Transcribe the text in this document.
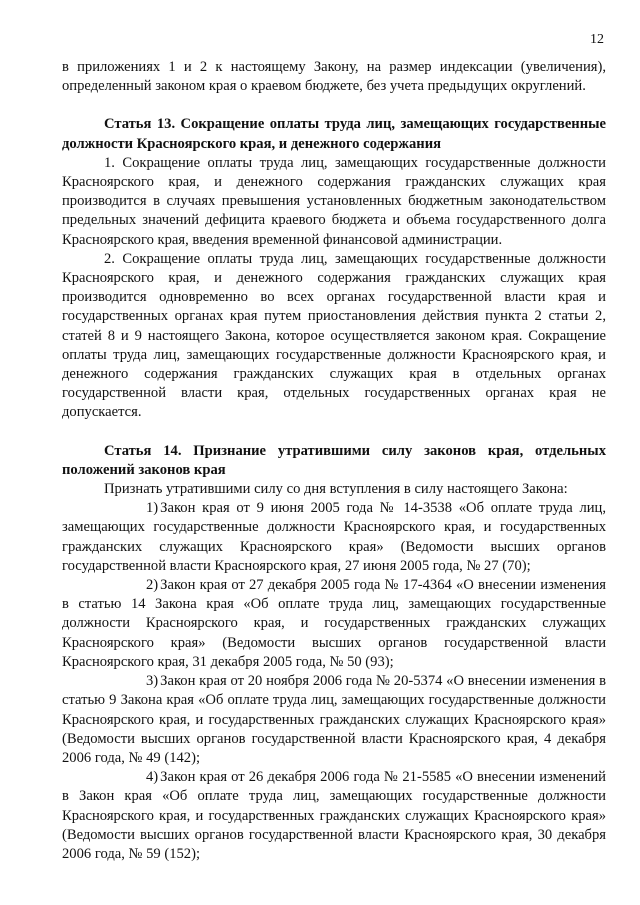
12

в приложениях 1 и 2 к настоящему Закону, на размер индексации (увеличения), определенный законом края о краевом бюджете, без учета предыдущих округлений.

Статья 13. Сокращение оплаты труда лиц, замещающих государственные должности Красноярского края, и денежного содержания

1. Сокращение оплаты труда лиц, замещающих государственные должности Красноярского края, и денежного содержания гражданских служащих края производится в случаях превышения установленных бюджетным законодательством предельных значений дефицита краевого бюджета и объема государственного долга Красноярского края, введения временной финансовой администрации.

2. Сокращение оплаты труда лиц, замещающих государственные должности Красноярского края, и денежного содержания гражданских служащих края производится одновременно во всех органах государственной власти края и государственных органах края путем приостановления действия пункта 2 статьи 2, статей 8 и 9 настоящего Закона, которое осуществляется законом края. Сокращение оплаты труда лиц, замещающих государственные должности Красноярского края, и денежного содержания гражданских служащих края в отдельных органах государственной власти края, отдельных государственных органах края не допускается.

Статья 14. Признание утратившими силу законов края, отдельных положений законов края

Признать утратившими силу со дня вступления в силу настоящего Закона:

1) Закон края от 9 июня 2005 года № 14-3538 «Об оплате труда лиц, замещающих государственные должности Красноярского края, и государственных гражданских служащих Красноярского края» (Ведомости высших органов государственной власти Красноярского края, 27 июня 2005 года, № 27 (70);

2) Закон края от 27 декабря 2005 года № 17-4364 «О внесении изменения в статью 14 Закона края «Об оплате труда лиц, замещающих государственные должности Красноярского края, и государственных гражданских служащих Красноярского края» (Ведомости высших органов государственной власти Красноярского края, 31 декабря 2005 года, № 50 (93);

3) Закон края от 20 ноября 2006 года № 20-5374 «О внесении изменения в статью 9 Закона края «Об оплате труда лиц, замещающих государственные должности Красноярского края, и государственных гражданских служащих Красноярского края» (Ведомости высших органов государственной власти Красноярского края, 4 декабря 2006 года, № 49 (142);

4) Закон края от 26 декабря 2006 года № 21-5585 «О внесении изменений в Закон края «Об оплате труда лиц, замещающих государственные должности Красноярского края, и государственных гражданских служащих Красноярского края» (Ведомости высших органов государственной власти Красноярского края, 30 декабря 2006 года, № 59 (152);
